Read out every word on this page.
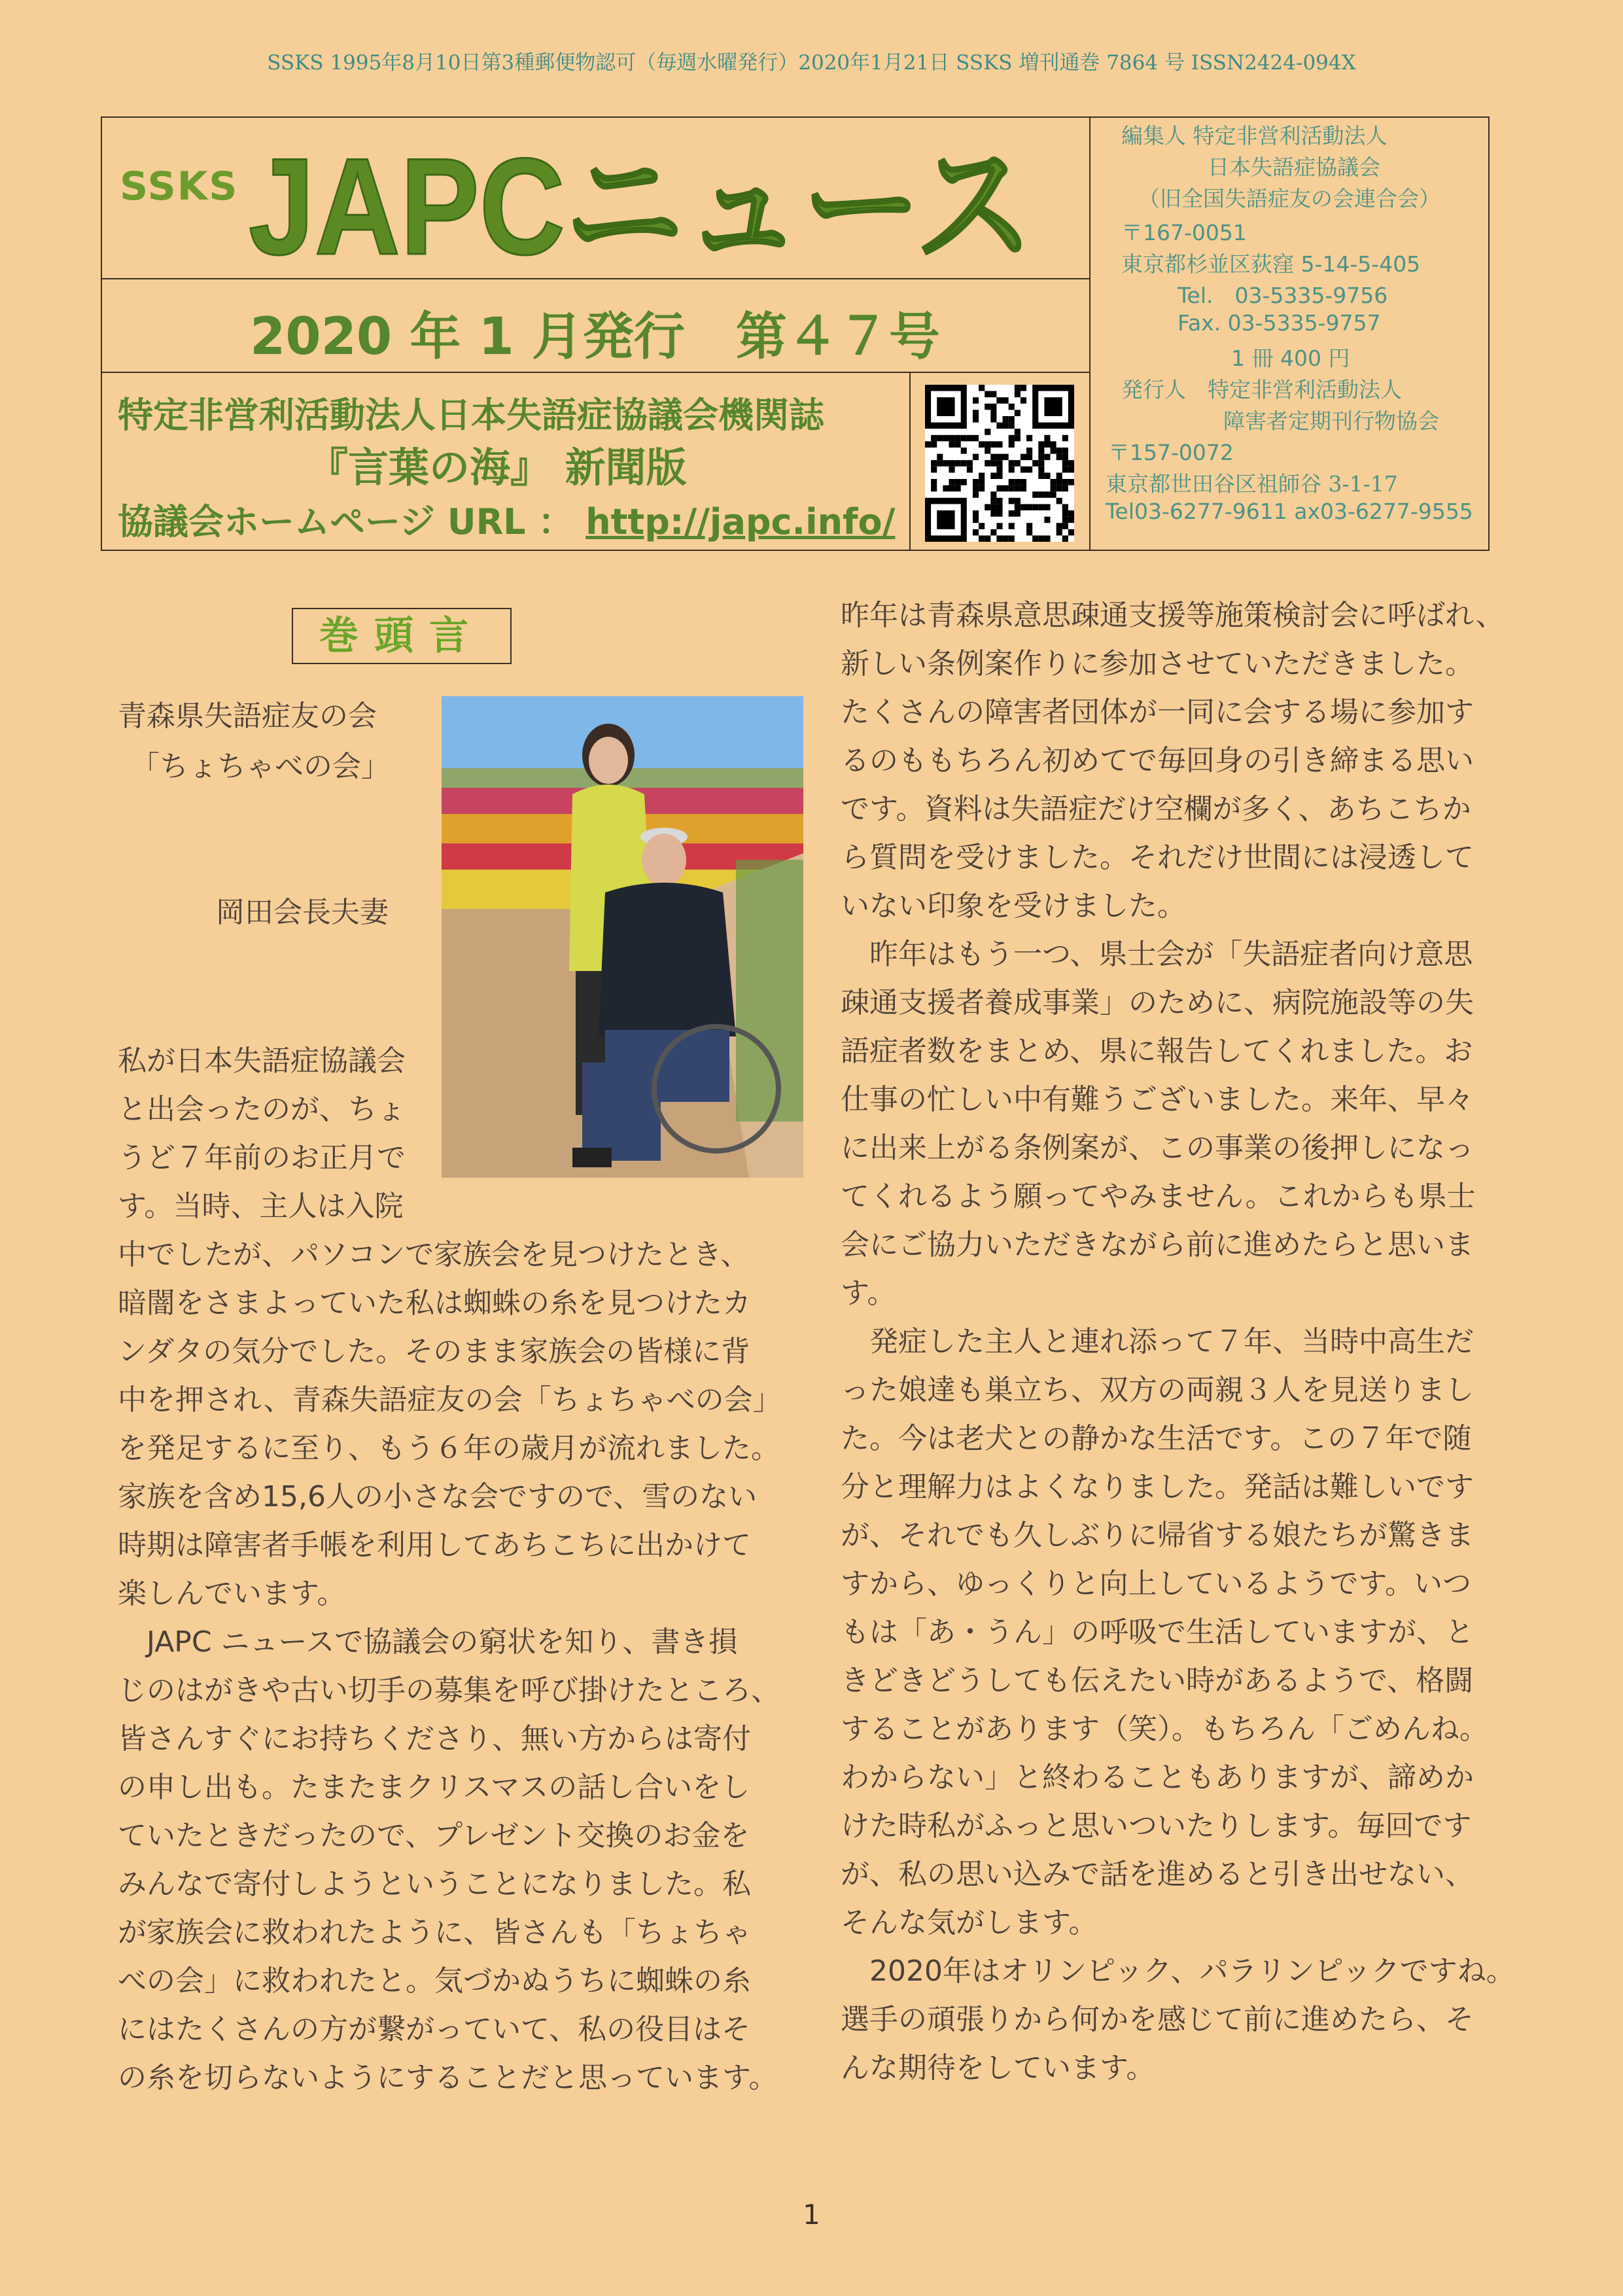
SSKS 1995年8月10日第3種郵便物認可（毎週水曜発行）2020年1月21日 SSKS 増刊通巻 7864 号 ISSN2424-094X
SSKS JAPCニュース
2020 年 1 月発行　第４７号
特定非営利活動法人日本失語症協議会機関誌
『言葉の海』 新聞版
協議会ホームページ URL ： http://japc.info/
編集人 特定非営利活動法人
日本失語症協議会
（旧全国失語症友の会連合会）
〒167-0051
東京都杉並区荻窪 5-14-5-405
Tel.　03-5335-9756
Fax. 03-5335-9757
1 冊 400 円
発行人　特定非営利活動法人
障害者定期刊行物協会
〒157-0072
東京都世田谷区祖師谷 3-1-17
Tel03-6277-9611 ax03-6277-9555
巻頭言
青森県失語症友の会
「ちょちゃべの会」
岡田会長夫妻
私が日本失語症協議会
と出会ったのが、ちょ
うど７年前のお正月で
す。当時、主人は入院
中でしたが、パソコンで家族会を見つけたとき、
暗闇をさまよっていた私は蜘蛛の糸を見つけたカ
ンダタの気分でした。そのまま家族会の皆様に背
中を押され、青森失語症友の会「ちょちゃべの会」
を発足するに至り、もう６年の歳月が流れました。
家族を含め15,6人の小さな会ですので、雪のない
時期は障害者手帳を利用してあちこちに出かけて
楽しんでいます。
　JAPC ニュースで協議会の窮状を知り、書き損
じのはがきや古い切手の募集を呼び掛けたところ、
皆さんすぐにお持ちくださり、無い方からは寄付
の申し出も。たまたまクリスマスの話し合いをし
ていたときだったので、プレゼント交換のお金を
みんなで寄付しようということになりました。私
が家族会に救われたように、皆さんも「ちょちゃ
べの会」に救われたと。気づかぬうちに蜘蛛の糸
にはたくさんの方が繋がっていて、私の役目はそ
の糸を切らないようにすることだと思っています。
昨年は青森県意思疎通支援等施策検討会に呼ばれ、
新しい条例案作りに参加させていただきました。
たくさんの障害者団体が一同に会する場に参加す
るのももちろん初めてで毎回身の引き締まる思い
です。資料は失語症だけ空欄が多く、あちこちか
ら質問を受けました。それだけ世間には浸透して
いない印象を受けました。
　昨年はもう一つ、県士会が「失語症者向け意思
疎通支援者養成事業」のために、病院施設等の失
語症者数をまとめ、県に報告してくれました。お
仕事の忙しい中有難うございました。来年、早々
に出来上がる条例案が、この事業の後押しになっ
てくれるよう願ってやみません。これからも県士
会にご協力いただきながら前に進めたらと思いま
す。
　発症した主人と連れ添って７年、当時中高生だ
った娘達も巣立ち、双方の両親３人を見送りまし
た。今は老犬との静かな生活です。この７年で随
分と理解力はよくなりました。発話は難しいです
が、それでも久しぶりに帰省する娘たちが驚きま
すから、ゆっくりと向上しているようです。いつ
もは「あ・うん」の呼吸で生活していますが、と
きどきどうしても伝えたい時があるようで、格闘
することがあります（笑）。もちろん「ごめんね。
わからない」と終わることもありますが、諦めか
けた時私がふっと思いついたりします。毎回です
が、私の思い込みで話を進めると引き出せない、
そんな気がします。
　2020年はオリンピック、パラリンピックですね。
選手の頑張りから何かを感じて前に進めたら、そ
んな期待をしています。
1
